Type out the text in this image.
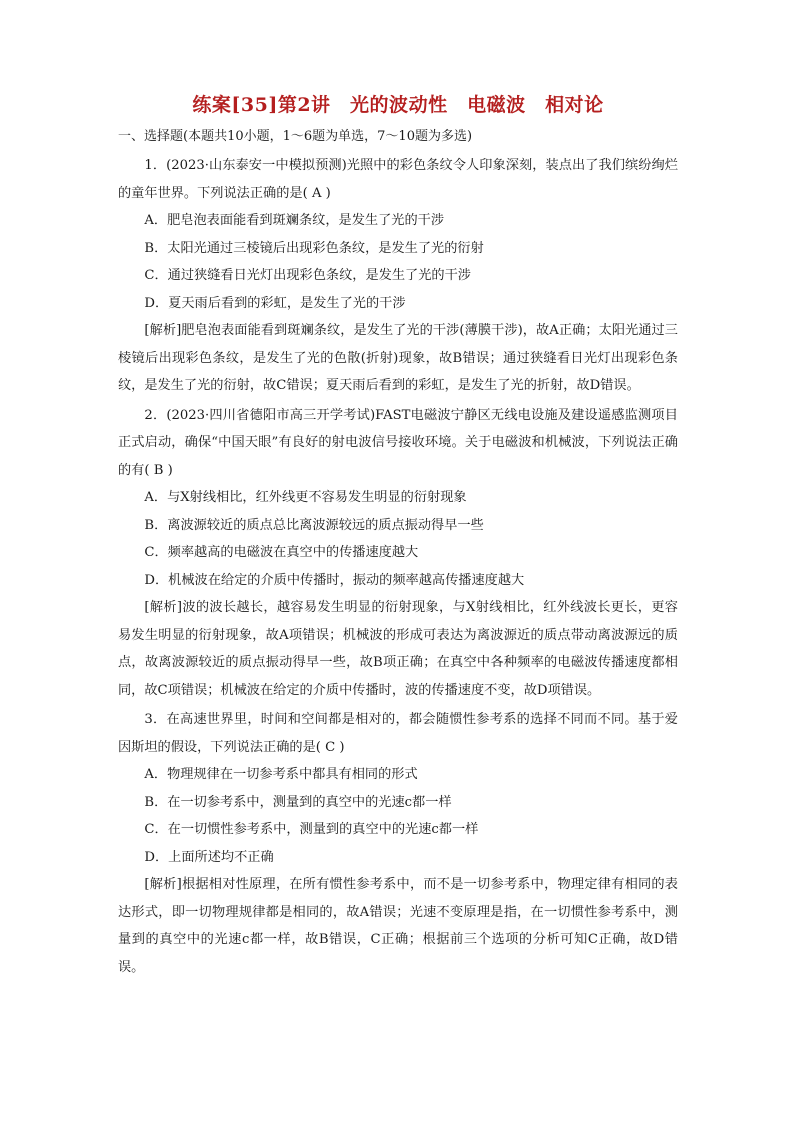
练案[35]第2讲　光的波动性　电磁波　相对论
一、选择题(本题共10小题，1～6题为单选，7～10题为多选)

1．(2023·山东泰安一中模拟预测)光照中的彩色条纹令人印象深刻，装点出了我们缤纷绚烂的童年世界。下列说法正确的是( A )

A．肥皂泡表面能看到斑斓条纹，是发生了光的干涉

B．太阳光通过三棱镜后出现彩色条纹，是发生了光的衍射

C．通过狭缝看日光灯出现彩色条纹，是发生了光的干涉

D．夏天雨后看到的彩虹，是发生了光的干涉

[解析]肥皂泡表面能看到斑斓条纹，是发生了光的干涉(薄膜干涉)，故A正确；太阳光通过三棱镜后出现彩色条纹，是发生了光的色散(折射)现象，故B错误；通过狭缝看日光灯出现彩色条纹，是发生了光的衍射，故C错误；夏天雨后看到的彩虹，是发生了光的折射，故D错误。

2．(2023·四川省德阳市高三开学考试)FAST电磁波宁静区无线电设施及建设遥感监测项目正式启动，确保“中国天眼”有良好的射电波信号接收环境。关于电磁波和机械波，下列说法正确的有( B )

A．与X射线相比，红外线更不容易发生明显的衍射现象

B．离波源较近的质点总比离波源较远的质点振动得早一些

C．频率越高的电磁波在真空中的传播速度越大

D．机械波在给定的介质中传播时，振动的频率越高传播速度越大

[解析]波的波长越长，越容易发生明显的衍射现象，与X射线相比，红外线波长更长，更容易发生明显的衍射现象，故A项错误；机械波的形成可表达为离波源近的质点带动离波源远的质点，故离波源较近的质点振动得早一些，故B项正确；在真空中各种频率的电磁波传播速度都相同，故C项错误；机械波在给定的介质中传播时，波的传播速度不变，故D项错误。

3．在高速世界里，时间和空间都是相对的，都会随惯性参考系的选择不同而不同。基于爱因斯坦的假设，下列说法正确的是( C )

A．物理规律在一切参考系中都具有相同的形式

B．在一切参考系中，测量到的真空中的光速c都一样

C．在一切惯性参考系中，测量到的真空中的光速c都一样

D．上面所述均不正确

[解析]根据相对性原理，在所有惯性参考系中，而不是一切参考系中，物理定律有相同的表达形式，即一切物理规律都是相同的，故A错误；光速不变原理是指，在一切惯性参考系中，测量到的真空中的光速c都一样，故B错误，C正确；根据前三个选项的分析可知C正确，故D错误。
